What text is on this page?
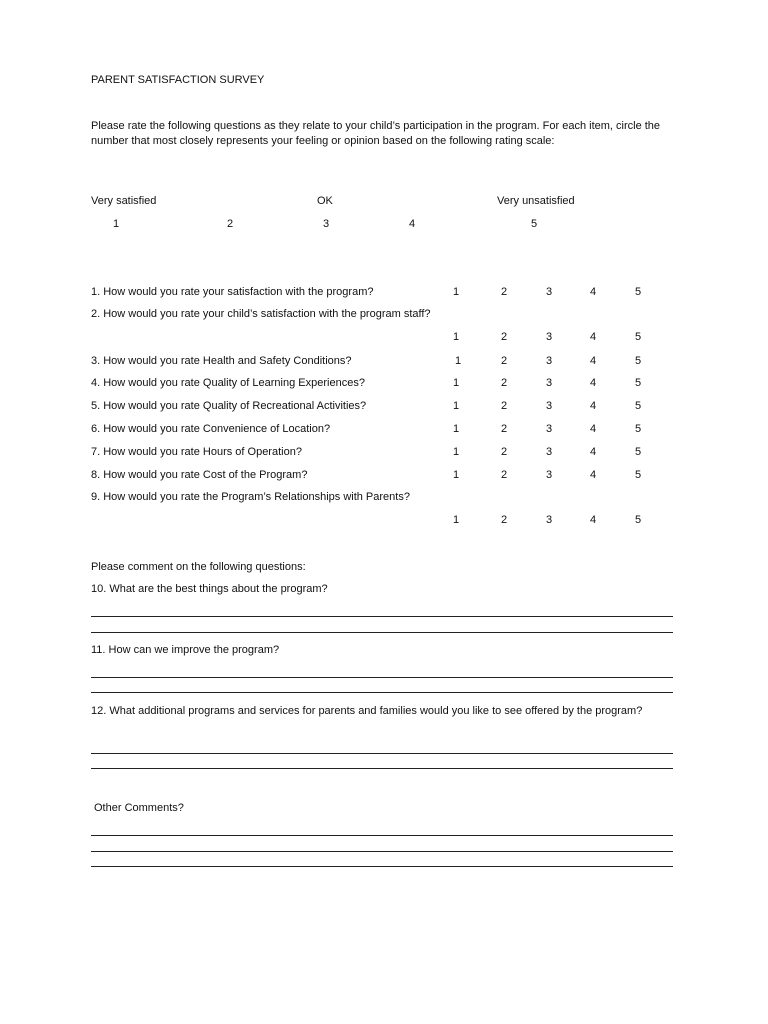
PARENT SATISFACTION SURVEY
Please rate the following questions as they relate to your child’s participation in the program. For each item, circle the number that most closely represents your feeling or opinion based on the following rating scale:
Very satisfied	OK	Very unsatisfied
1	2	3	4	5
1. How would you rate your satisfaction with the program?	1	2	3	4	5
2. How would you rate your child’s satisfaction with the program staff?
1	2	3	4	5
3. How would you rate Health and Safety Conditions?	1	2	3	4	5
4. How would you rate Quality of Learning Experiences?	1	2	3	4	5
5. How would you rate Quality of Recreational Activities?	1	2	3	4	5
6. How would you rate Convenience of Location?	1	2	3	4	5
7. How would you rate Hours of Operation?	1	2	3	4	5
8. How would you rate Cost of the Program?	1	2	3	4	5
9. How would you rate the Program’s Relationships with Parents?
1	2	3	4	5
Please comment on the following questions:
10. What are the best things about the program?
11. How can we improve the program?
12. What additional programs and services for parents and families would you like to see offered by the program?
Other Comments?
